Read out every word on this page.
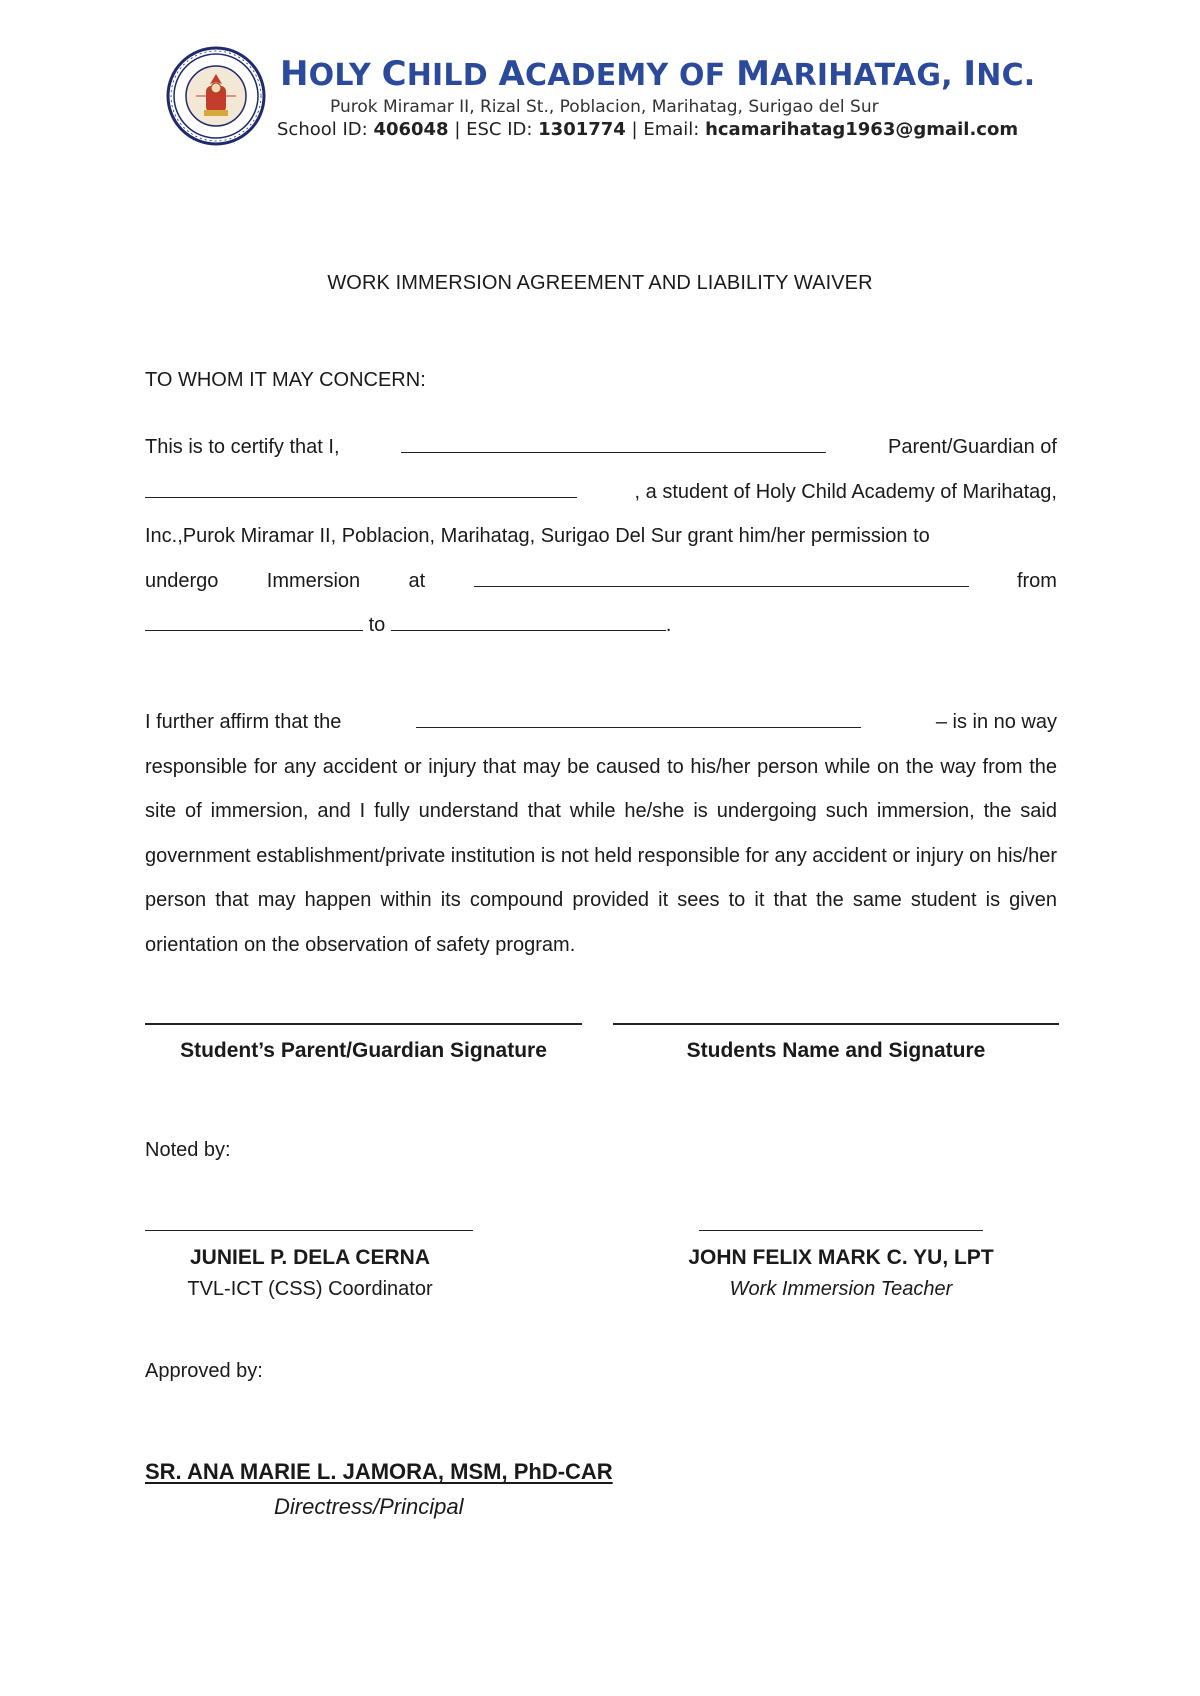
HOLY CHILD ACADEMY OF MARIHATAG, INC.
Purok Miramar II, Rizal St., Poblacion, Marihatag, Surigao del Sur
School ID: 406048 | ESC ID: 1301774 | Email: hcamarihatag1963@gmail.com
WORK IMMERSION AGREEMENT AND LIABILITY WAIVER
TO WHOM IT MAY CONCERN:
This is to certify that I,	Parent/Guardian of
, a student of Holy Child Academy of Marihatag,
Inc.,Purok Miramar II, Poblacion, Marihatag, Surigao Del Sur grant him/her permission to
undergo Immersion at	from
to	.
I further affirm that the	– is in no way
responsible for any accident or injury that may be caused to his/her person while on the way from the site of immersion, and I fully understand that while he/she is undergoing such immersion, the said government establishment/private institution is not held responsible for any accident or injury on his/her person that may happen within its compound provided it sees to it that the same student is given orientation on the observation of safety program.
Student’s Parent/Guardian Signature	Students Name and Signature
Noted by:
JUNIEL P. DELA CERNA
TVL-ICT (CSS) Coordinator
JOHN FELIX MARK C. YU, LPT
Work Immersion Teacher
Approved by:
SR. ANA MARIE L. JAMORA, MSM, PhD-CAR
Directress/Principal
